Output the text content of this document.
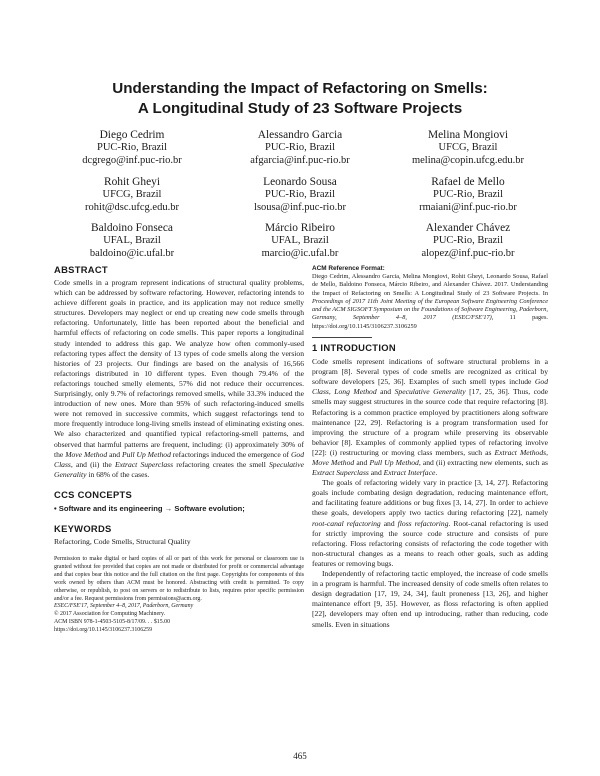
Understanding the Impact of Refactoring on Smells:
A Longitudinal Study of 23 Software Projects
Diego Cedrim
PUC-Rio, Brazil
dcgrego@inf.puc-rio.br
Alessandro Garcia
PUC-Rio, Brazil
afgarcia@inf.puc-rio.br
Melina Mongiovi
UFCG, Brazil
melina@copin.ufcg.edu.br
Rohit Gheyi
UFCG, Brazil
rohit@dsc.ufcg.edu.br
Leonardo Sousa
PUC-Rio, Brazil
lsousa@inf.puc-rio.br
Rafael de Mello
PUC-Rio, Brazil
rmaiani@inf.puc-rio.br
Baldoino Fonseca
UFAL, Brazil
baldoino@ic.ufal.br
Márcio Ribeiro
UFAL, Brazil
marcio@ic.ufal.br
Alexander Chávez
PUC-Rio, Brazil
alopez@inf.puc-rio.br
ABSTRACT
Code smells in a program represent indications of structural quality problems, which can be addressed by software refactoring. However, refactoring intends to achieve different goals in practice, and its application may not reduce smelly structures. Developers may neglect or end up creating new code smells through refactoring. Unfortunately, little has been reported about the beneficial and harmful effects of refactoring on code smells. This paper reports a longitudinal study intended to address this gap. We analyze how often commonly-used refactoring types affect the density of 13 types of code smells along the version histories of 23 projects. Our findings are based on the analysis of 16,566 refactorings distributed in 10 different types. Even though 79.4% of the refactorings touched smelly elements, 57% did not reduce their occurrences. Surprisingly, only 9.7% of refactorings removed smells, while 33.3% induced the introduction of new ones. More than 95% of such refactoring-induced smells were not removed in successive commits, which suggest refactorings tend to more frequently introduce long-living smells instead of eliminating existing ones. We also characterized and quantified typical refactoring-smell patterns, and observed that harmful patterns are frequent, including: (i) approximately 30% of the Move Method and Pull Up Method refactorings induced the emergence of God Class, and (ii) the Extract Superclass refactoring creates the smell Speculative Generality in 68% of the cases.
CCS CONCEPTS
• Software and its engineering → Software evolution;
KEYWORDS
Refactoring, Code Smells, Structural Quality
Permission to make digital or hard copies of all or part of this work for personal or classroom use is granted without fee provided that copies are not made or distributed for profit or commercial advantage and that copies bear this notice and the full citation on the first page. Copyrights for components of this work owned by others than ACM must be honored. Abstracting with credit is permitted. To copy otherwise, or republish, to post on servers or to redistribute to lists, requires prior specific permission and/or a fee. Request permissions from permissions@acm.org.
ESEC/FSE'17, September 4–8, 2017, Paderborn, Germany
© 2017 Association for Computing Machinery.
ACM ISBN 978-1-4503-5105-8/17/09. . . $15.00
https://doi.org/10.1145/3106237.3106259
ACM Reference Format:
Diego Cedrim, Alessandro Garcia, Melina Mongiovi, Rohit Gheyi, Leonardo Sousa, Rafael de Mello, Baldoino Fonseca, Márcio Ribeiro, and Alexander Chávez. 2017. Understanding the Impact of Refactoring on Smells: A Longitudinal Study of 23 Software Projects. In Proceedings of 2017 11th Joint Meeting of the European Software Engineering Conference and the ACM SIGSOFT Symposium on the Foundations of Software Engineering, Paderborn, Germany, September 4–8, 2017 (ESEC/FSE'17),	11 pages. https://doi.org/10.1145/3106237.3106259
1 INTRODUCTION

Code smells represent indications of software structural problems in a program [8]. Several types of code smells are recognized as critical by software developers [25, 36]. Examples of such smell types include God Class, Long Method and Speculative Generality [17, 25, 36]. Thus, code smells may suggest structures in the source code that require refactoring [8]. Refactoring is a common practice employed by practitioners along software maintenance [22, 29]. Refactoring is a program transformation used for improving the structure of a program while preserving its observable behavior [8]. Examples of commonly applied types of refactoring involve [22]: (i) restructuring or moving class members, such as Extract Methods, Move Method and Pull Up Method, and (ii) extracting new elements, such as Extract Superclass and Extract Interface.

The goals of refactoring widely vary in practice [3, 14, 27]. Refactoring goals include combating design degradation, reducing maintenance effort, and facilitating feature additions or bug fixes [3, 14, 27]. In order to achieve these goals, developers apply two tactics during refactoring [22], namely root-canal refactoring and floss refactoring. Root-canal refactoring is used for strictly improving the source code structure and consists of pure refactoring. Floss refactoring consists of refactoring the code together with non-structural changes as a means to reach other goals, such as adding features or removing bugs.

Independently of refactoring tactic employed, the increase of code smells in a program is harmful. The increased density of code smells often relates to design degradation [17, 19, 24, 34], fault proneness [13, 26], and higher maintenance effort [9, 35]. However, as floss refactoring is often applied [22], developers may often end up introducing, rather than reducing, code smells. Even in situations

465
